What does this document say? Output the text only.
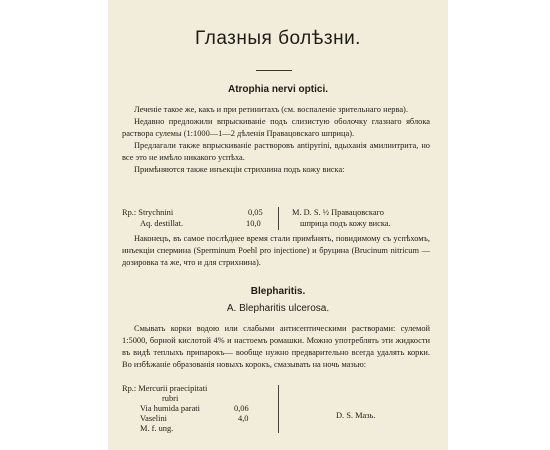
Глазныя болѣзни.
Atrophia nervi optici.

Леченіе такое же, какъ и при ретинитахъ (см. воспаленіе зрительнаго нерва).

Недавно предложили впрыскиваніе подъ слизистую оболочку глазнаго яблока раствора сулемы (1:1000—1—2 дѣленія Правацовскаго шприца).

Предлагали также впрыскиваніе растворовъ antipyrini, вдыханія амилнитрита, но все это не имѣло никакого успѣха.

Примѣняются также инъекціи стрихнина подъ кожу виска:

Rp.: Strychnini	0,05
Aq. destillat.	10,0
M. D. S. ½ Правацовскаго
шприца подъ кожу виска.

Наконецъ, въ самое послѣднее время стали примѣнять, повидимому съ успѣхомъ, инъекціи спермина (Sperminum Poehl pro injectione) и бруцина (Brucinum nitricum — дозировка та же, что и для стрихнина).

Blepharitis.
A. Blepharitis ulcerosa.

Смывать корки водою или слабыми антисептическими растворами: сулемой 1:5000, борной кислотой 4% и настоемъ ромашки. Можно употреблять эти жидкости въ видѣ теплыхъ припарокъ— вообще нужно предварительно всегда удалять корки. Во избѣжаніе образованія новыхъ корокъ, смазывать на ночь мазью:

Rp.: Mercurii praecipitati
rubri
Via humida parati	0,06
Vaselini	4,0
M. f. ung.
D. S. Мазь.
